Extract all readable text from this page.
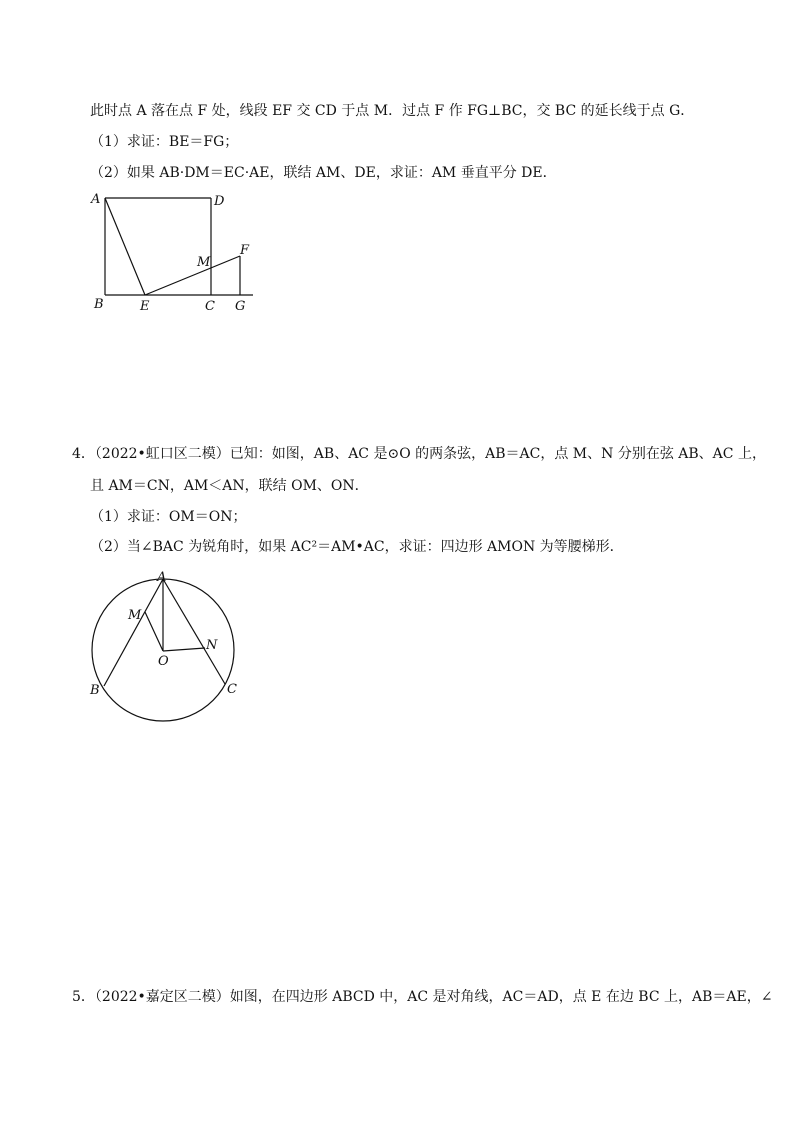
此时点 A 落在点 F 处，线段 EF 交 CD 于点 M．过点 F 作 FG⊥BC，交 BC 的延长线于点 G．
（1）求证：BE＝FG；
（2）如果 AB·DM＝EC·AE，联结 AM、DE，求证：AM 垂直平分 DE．
A	D
M
F
B	E	C G
4．（2022•虹口区二模）已知：如图，AB、AC 是⊙O 的两条弦，AB＝AC，点 M、N 分别在弦 AB、AC 上，
且 AM＝CN，AM＜AN，联结 OM、ON．
（1）求证：OM＝ON；
（2）当∠BAC 为锐角时，如果 AC²＝AM•AC，求证：四边形 AMON 为等腰梯形．
A
M
N
O
B	C
5．（2022•嘉定区二模）如图，在四边形 ABCD 中，AC 是对角线，AC＝AD，点 E 在边 BC 上，AB＝AE，∠
